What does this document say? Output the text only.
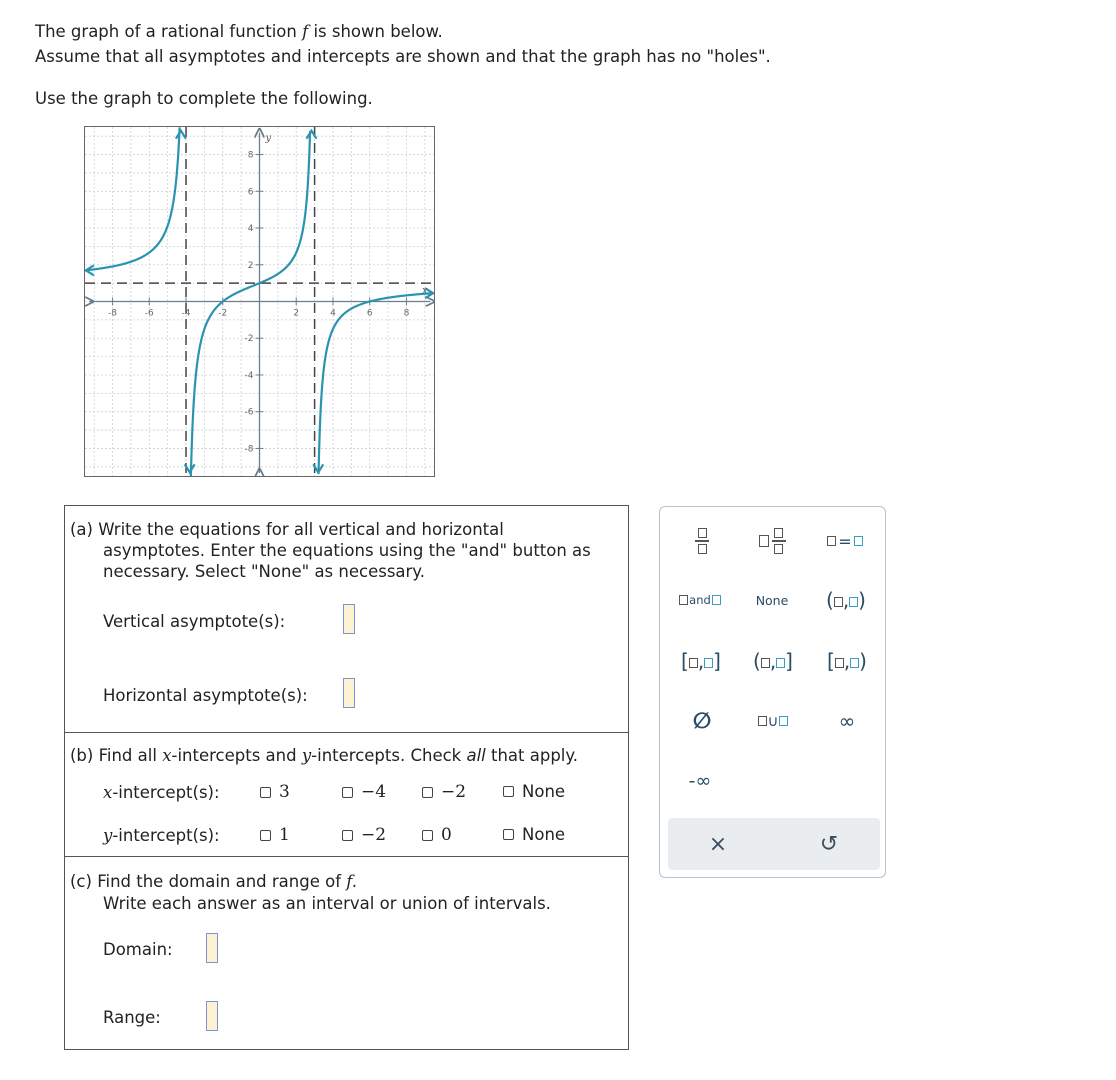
The graph of a rational function f is shown below.
Assume that all asymptotes and intercepts are shown and that the graph has no "holes".
Use the graph to complete the following.
-8	-6	-4	-2	2	4	6	8
8
6
4
2
-2
-4
-6
-8
x
y
(a) Write the equations for all vertical and horizontal
asymptotes. Enter the equations using the "and" button as
necessary. Select "None" as necessary.
Vertical asymptote(s):
Horizontal asymptote(s):
(b) Find all x-intercepts and y-intercepts. Check all that apply.
x-intercept(s):	3	−4	−2	None
y-intercept(s):	1	−2	0	None
(c) Find the domain and range of f.
Write each answer as an interval or union of intervals.
Domain:
Range:
=
and	None	( , )
[ , ] ( , ] [ , )
∅	∪	∞
-∞
×	↺
